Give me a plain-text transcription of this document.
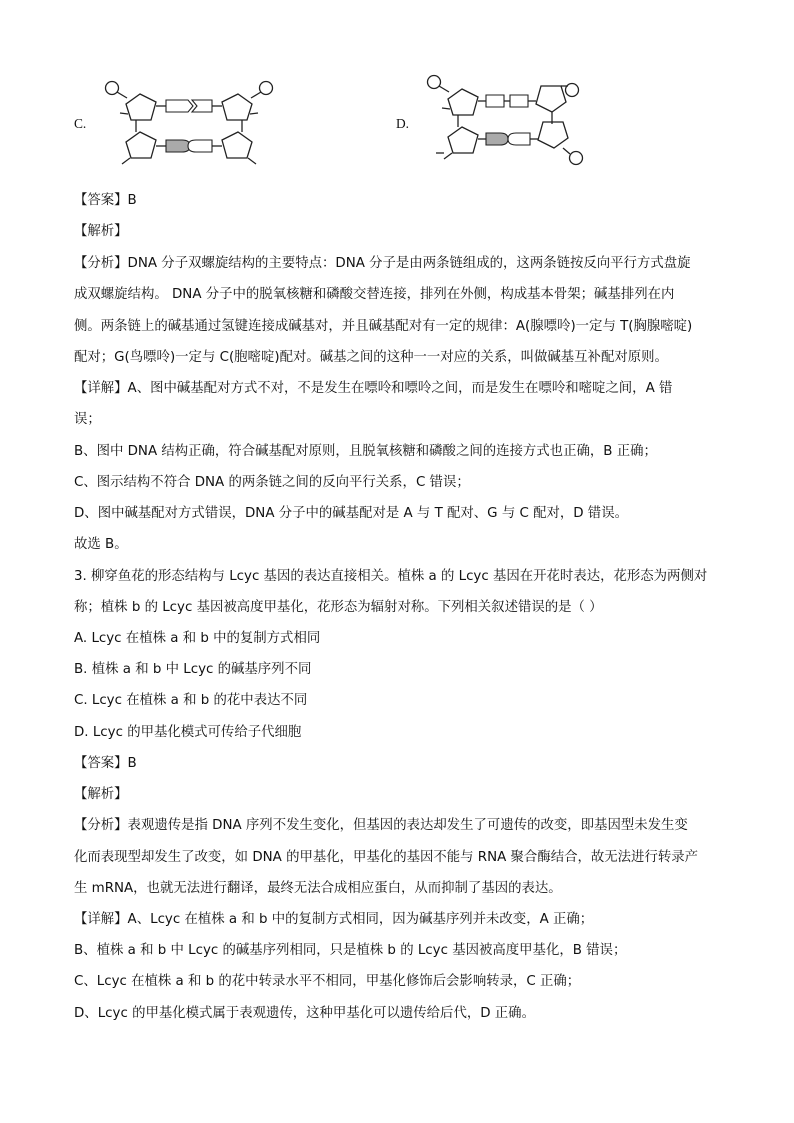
C.	D.
【答案】B
【解析】
【分析】DNA 分子双螺旋结构的主要特点：DNA 分子是由两条链组成的，这两条链按反向平行方式盘旋
成双螺旋结构。 DNA 分子中的脱氧核糖和磷酸交替连接，排列在外侧，构成基本骨架；碱基排列在内
侧。两条链上的碱基通过氢键连接成碱基对，并且碱基配对有一定的规律：A(腺嘌呤)一定与 T(胸腺嘧啶)
配对；G(鸟嘌呤)一定与 C(胞嘧啶)配对。碱基之间的这种一一对应的关系，叫做碱基互补配对原则。
【详解】A、图中碱基配对方式不对，不是发生在嘌呤和嘌呤之间，而是发生在嘌呤和嘧啶之间，A 错
误；
B、图中 DNA 结构正确，符合碱基配对原则，且脱氧核糖和磷酸之间的连接方式也正确，B 正确；
C、图示结构不符合 DNA 的两条链之间的反向平行关系，C 错误；
D、图中碱基配对方式错误，DNA 分子中的碱基配对是 A 与 T 配对、G 与 C 配对，D 错误。
故选 B。
3. 柳穿鱼花的形态结构与 Lcyc 基因的表达直接相关。植株 a 的 Lcyc 基因在开花时表达，花形态为两侧对
称；植株 b 的 Lcyc 基因被高度甲基化，花形态为辐射对称。下列相关叙述错误的是（ ）
A. Lcyc 在植株 a 和 b 中的复制方式相同
B. 植株 a 和 b 中 Lcyc 的碱基序列不同
C. Lcyc 在植株 a 和 b 的花中表达不同
D. Lcyc 的甲基化模式可传给子代细胞
【答案】B
【解析】
【分析】表观遗传是指 DNA 序列不发生变化，但基因的表达却发生了可遗传的改变，即基因型未发生变
化而表现型却发生了改变，如 DNA 的甲基化，甲基化的基因不能与 RNA 聚合酶结合，故无法进行转录产
生 mRNA，也就无法进行翻译，最终无法合成相应蛋白，从而抑制了基因的表达。
【详解】A、Lcyc 在植株 a 和 b 中的复制方式相同，因为碱基序列并未改变，A 正确；
B、植株 a 和 b 中 Lcyc 的碱基序列相同，只是植株 b 的 Lcyc 基因被高度甲基化，B 错误；
C、Lcyc 在植株 a 和 b 的花中转录水平不相同，甲基化修饰后会影响转录，C 正确；
D、Lcyc 的甲基化模式属于表观遗传，这种甲基化可以遗传给后代，D 正确。
